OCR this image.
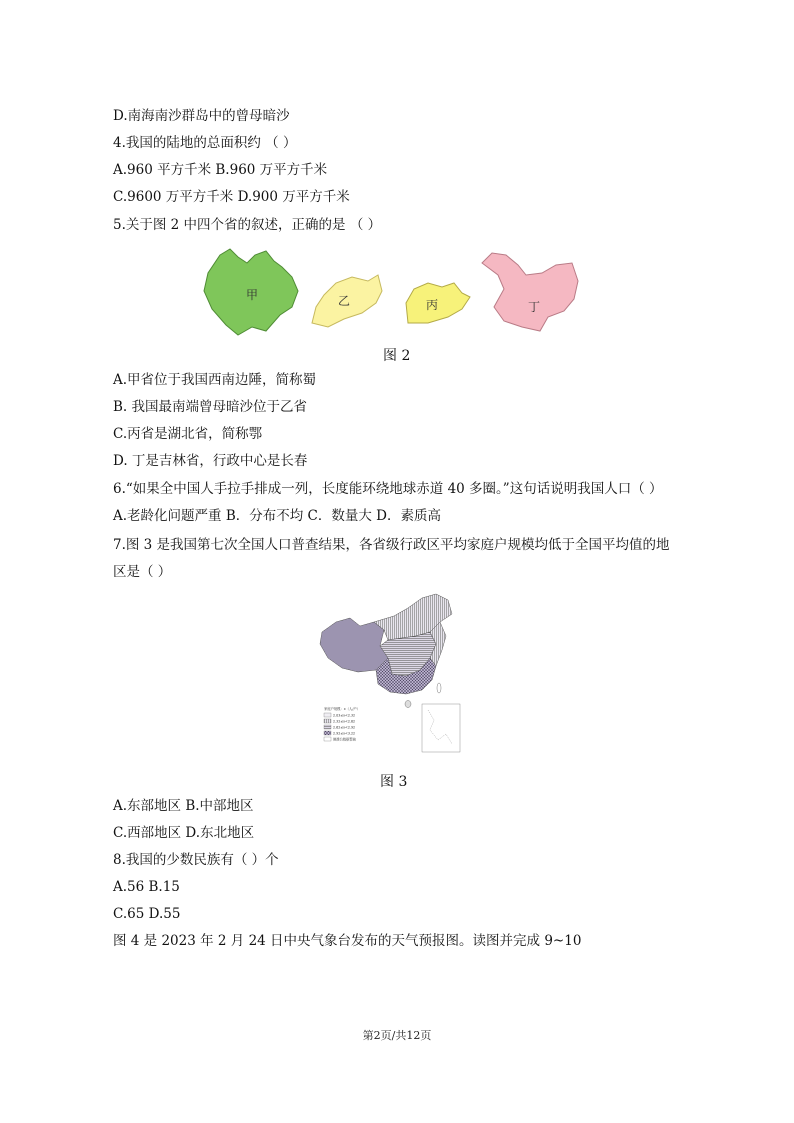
D.南海南沙群岛中的曾母暗沙
4.我国的陆地的总面积约 （ ）
A.960 平方千米 B.960 万平方千米
C.9600 万平方千米 D.900 万平方千米
5.关于图 2 中四个省的叙述，正确的是 （ ）
甲	乙	丙	丁
图 2
A.甲省位于我国西南边陲，简称蜀
B. 我国最南端曾母暗沙位于乙省
C.丙省是湖北省，简称鄂
D. 丁是吉林省，行政中心是长春
6.“如果全中国人手拉手排成一列，长度能环绕地球赤道 40 多圈。”这句话说明我国人口（ ）
A.老龄化问题严重 B．分布不均 C．数量大 D．素质高
7.图 3 是我国第七次全国人口普查结果，各省级行政区平均家庭户规模均低于全国平均值的地
区是（ ）
家庭户规模：x（人/户）
2.03≤x<2.32
2.32≤x<2.62
2.62≤x<2.92
2.92≤x<3.22
港澳台数据暂缺
图 3
A.东部地区 B.中部地区
C.西部地区 D.东北地区
8.我国的少数民族有（ ）个
A.56 B.15
C.65 D.55
图 4 是 2023 年 2 月 24 日中央气象台发布的天气预报图。读图并完成 9~10
第2页/共12页
